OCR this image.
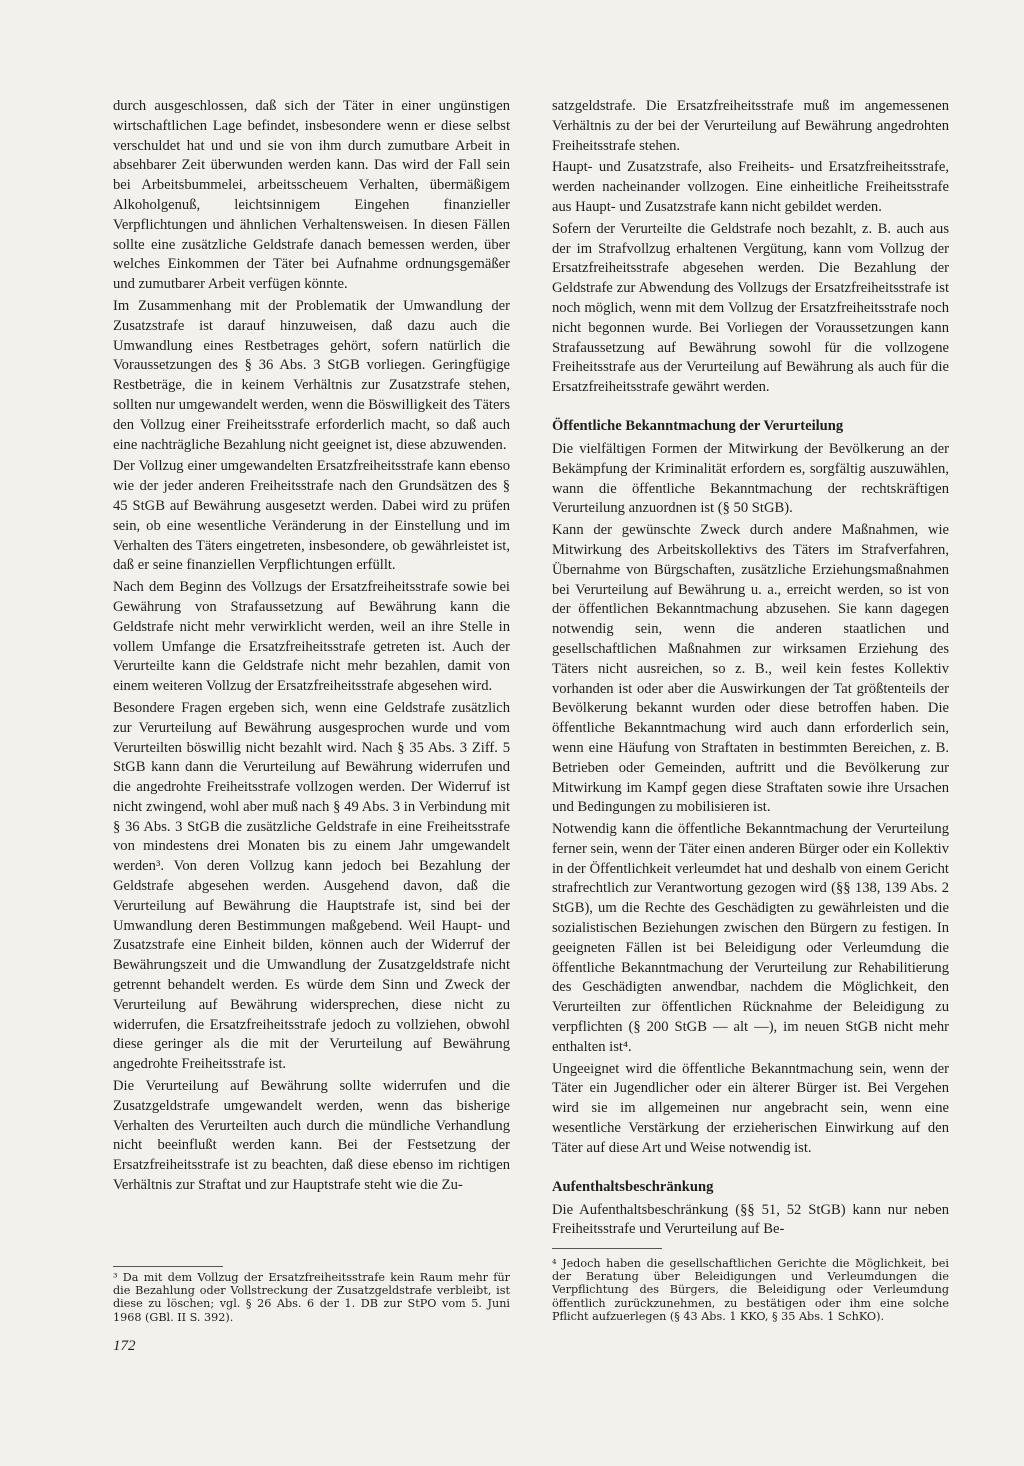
durch ausgeschlossen, daß sich der Täter in einer ungünstigen wirtschaftlichen Lage befindet, insbesondere wenn er diese selbst verschuldet hat und und sie von ihm durch zumutbare Arbeit in absehbarer Zeit überwunden werden kann. Das wird der Fall sein bei Arbeitsbummelei, arbeitsscheuem Verhalten, übermäßigem Alkoholgenuß, leichtsinnigem Eingehen finanzieller Verpflichtungen und ähnlichen Verhaltensweisen. In diesen Fällen sollte eine zusätzliche Geldstrafe danach bemessen werden, über welches Einkommen der Täter bei Aufnahme ordnungsgemäßer und zumutbarer Arbeit verfügen könnte.

Im Zusammenhang mit der Problematik der Umwandlung der Zusatzstrafe ist darauf hinzuweisen, daß dazu auch die Umwandlung eines Restbetrages gehört, sofern natürlich die Voraussetzungen des § 36 Abs. 3 StGB vorliegen. Geringfügige Restbeträge, die in keinem Verhältnis zur Zusatzstrafe stehen, sollten nur umgewandelt werden, wenn die Böswilligkeit des Täters den Vollzug einer Freiheitsstrafe erforderlich macht, so daß auch eine nachträgliche Bezahlung nicht geeignet ist, diese abzuwenden.

Der Vollzug einer umgewandelten Ersatzfreiheitsstrafe kann ebenso wie der jeder anderen Freiheitsstrafe nach den Grundsätzen des § 45 StGB auf Bewährung ausgesetzt werden. Dabei wird zu prüfen sein, ob eine wesentliche Veränderung in der Einstellung und im Verhalten des Täters eingetreten, insbesondere, ob gewährleistet ist, daß er seine finanziellen Verpflichtungen erfüllt.

Nach dem Beginn des Vollzugs der Ersatzfreiheitsstrafe sowie bei Gewährung von Strafaussetzung auf Bewährung kann die Geldstrafe nicht mehr verwirklicht werden, weil an ihre Stelle in vollem Umfange die Ersatzfreiheitsstrafe getreten ist. Auch der Verurteilte kann die Geldstrafe nicht mehr bezahlen, damit von einem weiteren Vollzug der Ersatzfreiheitsstrafe abgesehen wird.

Besondere Fragen ergeben sich, wenn eine Geldstrafe zusätzlich zur Verurteilung auf Bewährung ausgesprochen wurde und vom Verurteilten böswillig nicht bezahlt wird. Nach § 35 Abs. 3 Ziff. 5 StGB kann dann die Verurteilung auf Bewährung widerrufen und die angedrohte Freiheitsstrafe vollzogen werden. Der Widerruf ist nicht zwingend, wohl aber muß nach § 49 Abs. 3 in Verbindung mit § 36 Abs. 3 StGB die zusätzliche Geldstrafe in eine Freiheitsstrafe von mindestens drei Monaten bis zu einem Jahr umgewandelt werden³. Von deren Vollzug kann jedoch bei Bezahlung der Geldstrafe abgesehen werden. Ausgehend davon, daß die Verurteilung auf Bewährung die Hauptstrafe ist, sind bei der Umwandlung deren Bestimmungen maßgebend. Weil Haupt- und Zusatzstrafe eine Einheit bilden, können auch der Widerruf der Bewährungszeit und die Umwandlung der Zusatzgeldstrafe nicht getrennt behandelt werden. Es würde dem Sinn und Zweck der Verurteilung auf Bewährung widersprechen, diese nicht zu widerrufen, die Ersatzfreiheitsstrafe jedoch zu vollziehen, obwohl diese geringer als die mit der Verurteilung auf Bewährung angedrohte Freiheitsstrafe ist.

Die Verurteilung auf Bewährung sollte widerrufen und die Zusatzgeldstrafe umgewandelt werden, wenn das bisherige Verhalten des Verurteilten auch durch die mündliche Verhandlung nicht beeinflußt werden kann. Bei der Festsetzung der Ersatzfreiheitsstrafe ist zu beachten, daß diese ebenso im richtigen Verhältnis zur Straftat und zur Hauptstrafe steht wie die Zu-

satzgeldstrafe. Die Ersatzfreiheitsstrafe muß im angemessenen Verhältnis zu der bei der Verurteilung auf Bewährung angedrohten Freiheitsstrafe stehen.

Haupt- und Zusatzstrafe, also Freiheits- und Ersatzfreiheitsstrafe, werden nacheinander vollzogen. Eine einheitliche Freiheitsstrafe aus Haupt- und Zusatzstrafe kann nicht gebildet werden.

Sofern der Verurteilte die Geldstrafe noch bezahlt, z. B. auch aus der im Strafvollzug erhaltenen Vergütung, kann vom Vollzug der Ersatzfreiheitsstrafe abgesehen werden. Die Bezahlung der Geldstrafe zur Abwendung des Vollzugs der Ersatzfreiheitsstrafe ist noch möglich, wenn mit dem Vollzug der Ersatzfreiheitsstrafe noch nicht begonnen wurde. Bei Vorliegen der Voraussetzungen kann Strafaussetzung auf Bewährung sowohl für die vollzogene Freiheitsstrafe aus der Verurteilung auf Bewährung als auch für die Ersatzfreiheitsstrafe gewährt werden.

Öffentliche Bekanntmachung der Verurteilung

Die vielfältigen Formen der Mitwirkung der Bevölkerung an der Bekämpfung der Kriminalität erfordern es, sorgfältig auszuwählen, wann die öffentliche Bekanntmachung der rechtskräftigen Verurteilung anzuordnen ist (§ 50 StGB).

Kann der gewünschte Zweck durch andere Maßnahmen, wie Mitwirkung des Arbeitskollektivs des Täters im Strafverfahren, Übernahme von Bürgschaften, zusätzliche Erziehungsmaßnahmen bei Verurteilung auf Bewährung u. a., erreicht werden, so ist von der öffentlichen Bekanntmachung abzusehen. Sie kann dagegen notwendig sein, wenn die anderen staatlichen und gesellschaftlichen Maßnahmen zur wirksamen Erziehung des Täters nicht ausreichen, so z. B., weil kein festes Kollektiv vorhanden ist oder aber die Auswirkungen der Tat größtenteils der Bevölkerung bekannt wurden oder diese betroffen haben. Die öffentliche Bekanntmachung wird auch dann erforderlich sein, wenn eine Häufung von Straftaten in bestimmten Bereichen, z. B. Betrieben oder Gemeinden, auftritt und die Bevölkerung zur Mitwirkung im Kampf gegen diese Straftaten sowie ihre Ursachen und Bedingungen zu mobilisieren ist.

Notwendig kann die öffentliche Bekanntmachung der Verurteilung ferner sein, wenn der Täter einen anderen Bürger oder ein Kollektiv in der Öffentlichkeit verleumdet hat und deshalb von einem Gericht strafrechtlich zur Verantwortung gezogen wird (§§ 138, 139 Abs. 2 StGB), um die Rechte des Geschädigten zu gewährleisten und die sozialistischen Beziehungen zwischen den Bürgern zu festigen. In geeigneten Fällen ist bei Beleidigung oder Verleumdung die öffentliche Bekanntmachung der Verurteilung zur Rehabilitierung des Geschädigten anwendbar, nachdem die Möglichkeit, den Verurteilten zur öffentlichen Rücknahme der Beleidigung zu verpflichten (§ 200 StGB — alt —), im neuen StGB nicht mehr enthalten ist⁴.

Ungeeignet wird die öffentliche Bekanntmachung sein, wenn der Täter ein Jugendlicher oder ein älterer Bürger ist. Bei Vergehen wird sie im allgemeinen nur angebracht sein, wenn eine wesentliche Verstärkung der erzieherischen Einwirkung auf den Täter auf diese Art und Weise notwendig ist.

Aufenthaltsbeschränkung

Die Aufenthaltsbeschränkung (§§ 51, 52 StGB) kann nur neben Freiheitsstrafe und Verurteilung auf Be-

³ Da mit dem Vollzug der Ersatzfreiheitsstrafe kein Raum mehr für die Bezahlung oder Vollstreckung der Zusatzgeldstrafe verbleibt, ist diese zu löschen; vgl. § 26 Abs. 6 der 1. DB zur StPO vom 5. Juni 1968 (GBl. II S. 392).

⁴ Jedoch haben die gesellschaftlichen Gerichte die Möglichkeit, bei der Beratung über Beleidigungen und Verleumdungen die Verpflichtung des Bürgers, die Beleidigung oder Verleumdung öffentlich zurückzunehmen, zu bestätigen oder ihm eine solche Pflicht aufzuerlegen (§ 43 Abs. 1 KKO, § 35 Abs. 1 SchKO).

172
